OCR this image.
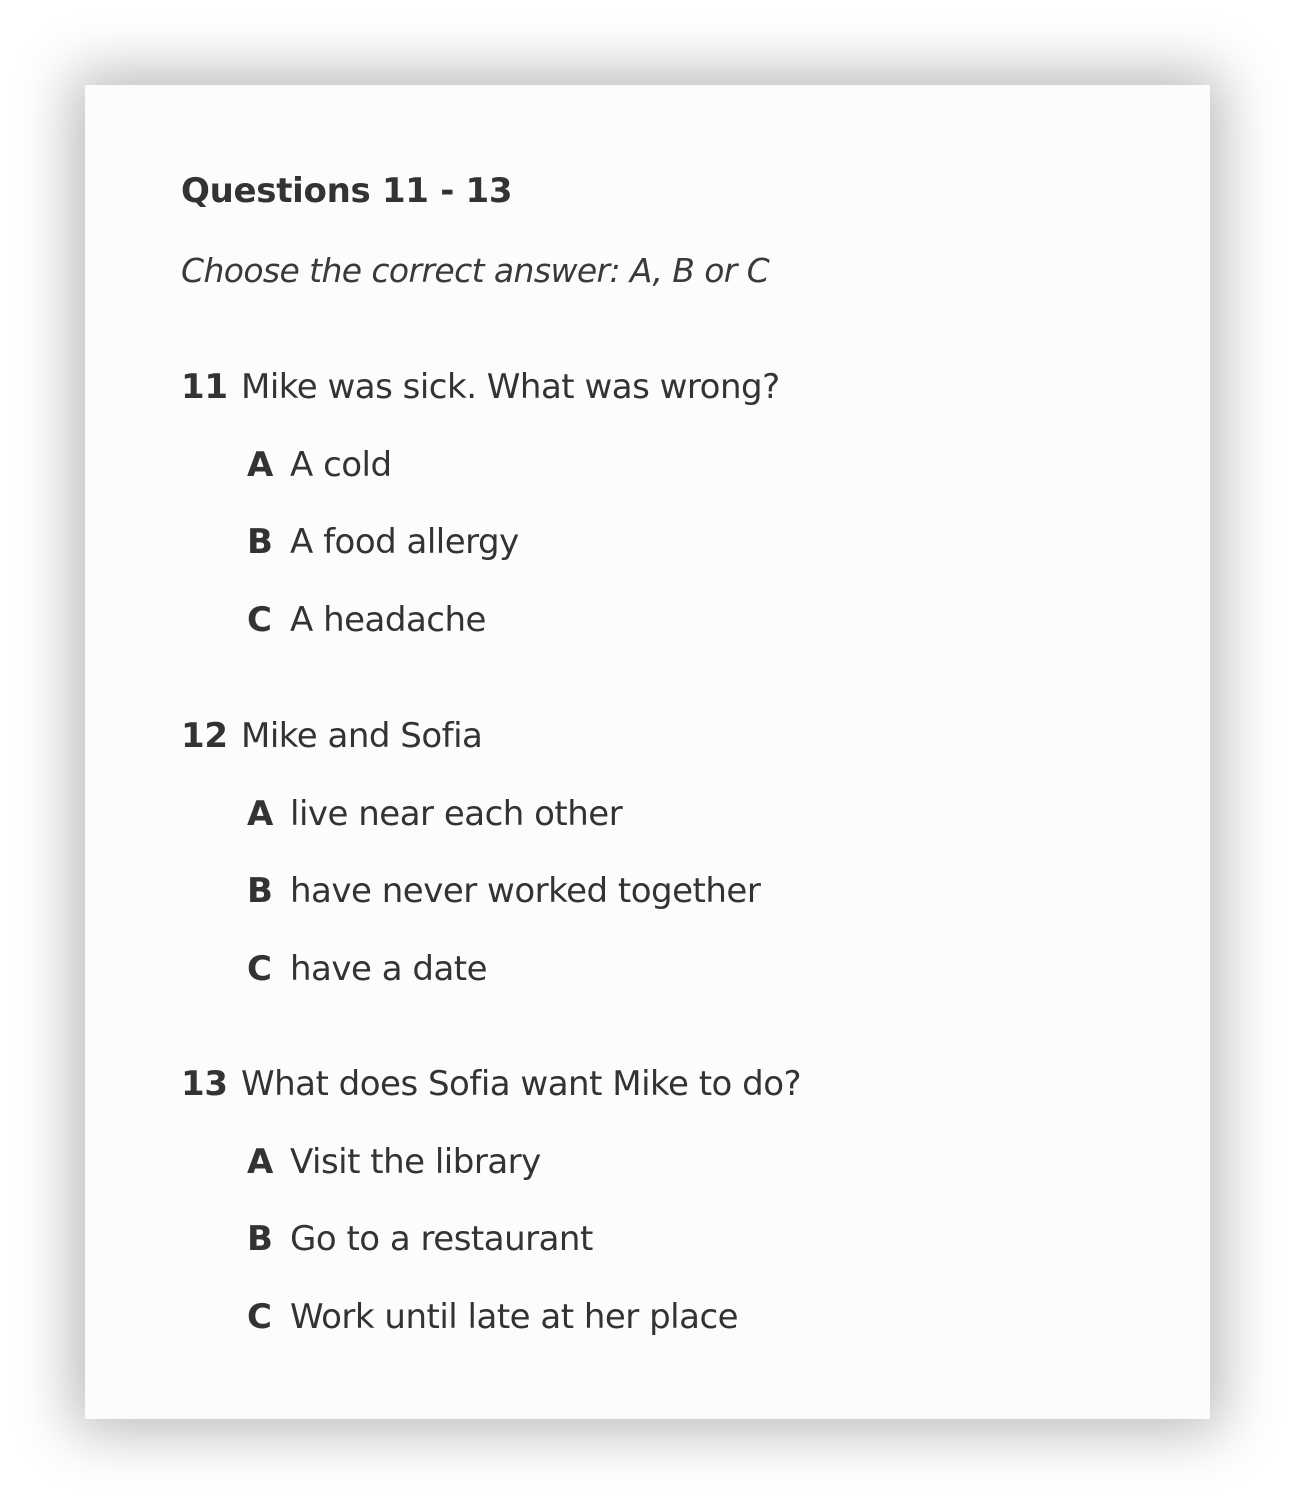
Questions 11 - 13
Choose the correct answer: A, B or C
11 Mike was sick. What was wrong?
A A cold
B A food allergy
C A headache
12 Mike and Sofia
A live near each other
B have never worked together
C have a date
13 What does Sofia want Mike to do?
A Visit the library
B Go to a restaurant
C Work until late at her place
